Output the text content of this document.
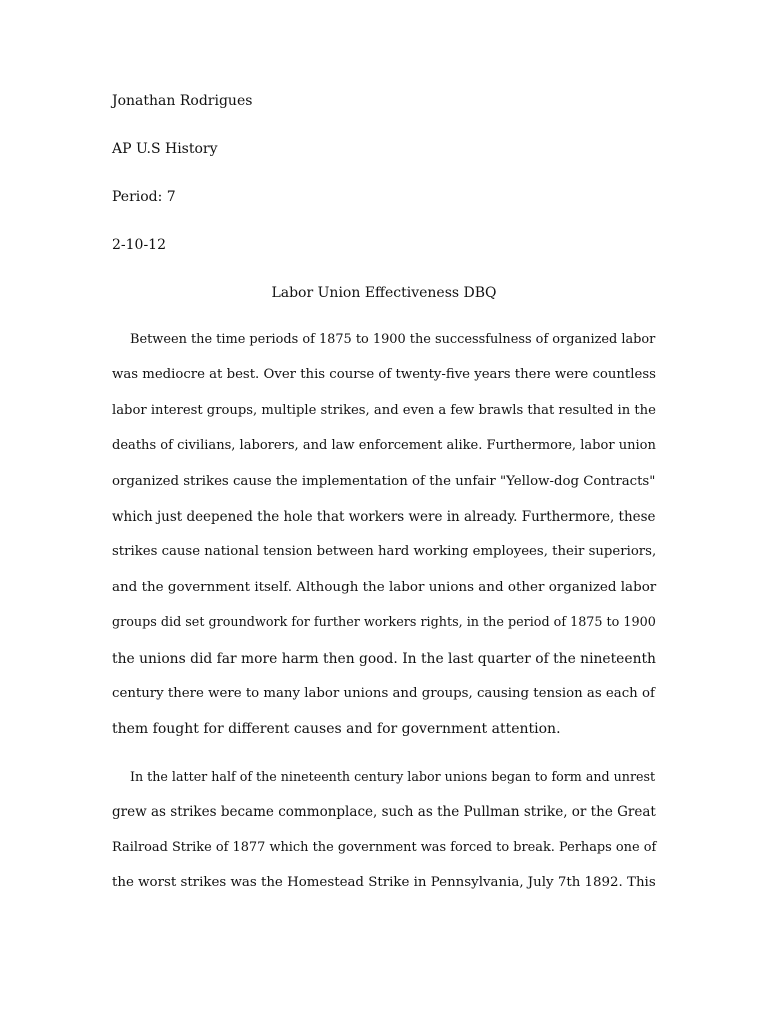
Jonathan Rodrigues
AP U.S History
Period: 7
2-10-12
Labor Union Effectiveness DBQ
Between the time periods of 1875 to 1900 the successfulness of organized labor
was mediocre at best. Over this course of twenty-five years there were countless
labor interest groups, multiple strikes, and even a few brawls that resulted in the
deaths of civilians, laborers, and law enforcement alike. Furthermore, labor union
organized strikes cause the implementation of the unfair "Yellow-dog Contracts"
which just deepened the hole that workers were in already. Furthermore, these
strikes cause national tension between hard working employees, their superiors,
and the government itself. Although the labor unions and other organized labor
groups did set groundwork for further workers rights, in the period of 1875 to 1900
the unions did far more harm then good. In the last quarter of the nineteenth
century there were to many labor unions and groups, causing tension as each of
them fought for different causes and for government attention.
In the latter half of the nineteenth century labor unions began to form and unrest
grew as strikes became commonplace, such as the Pullman strike, or the Great
Railroad Strike of 1877 which the government was forced to break. Perhaps one of
the worst strikes was the Homestead Strike in Pennsylvania, July 7th 1892. This
